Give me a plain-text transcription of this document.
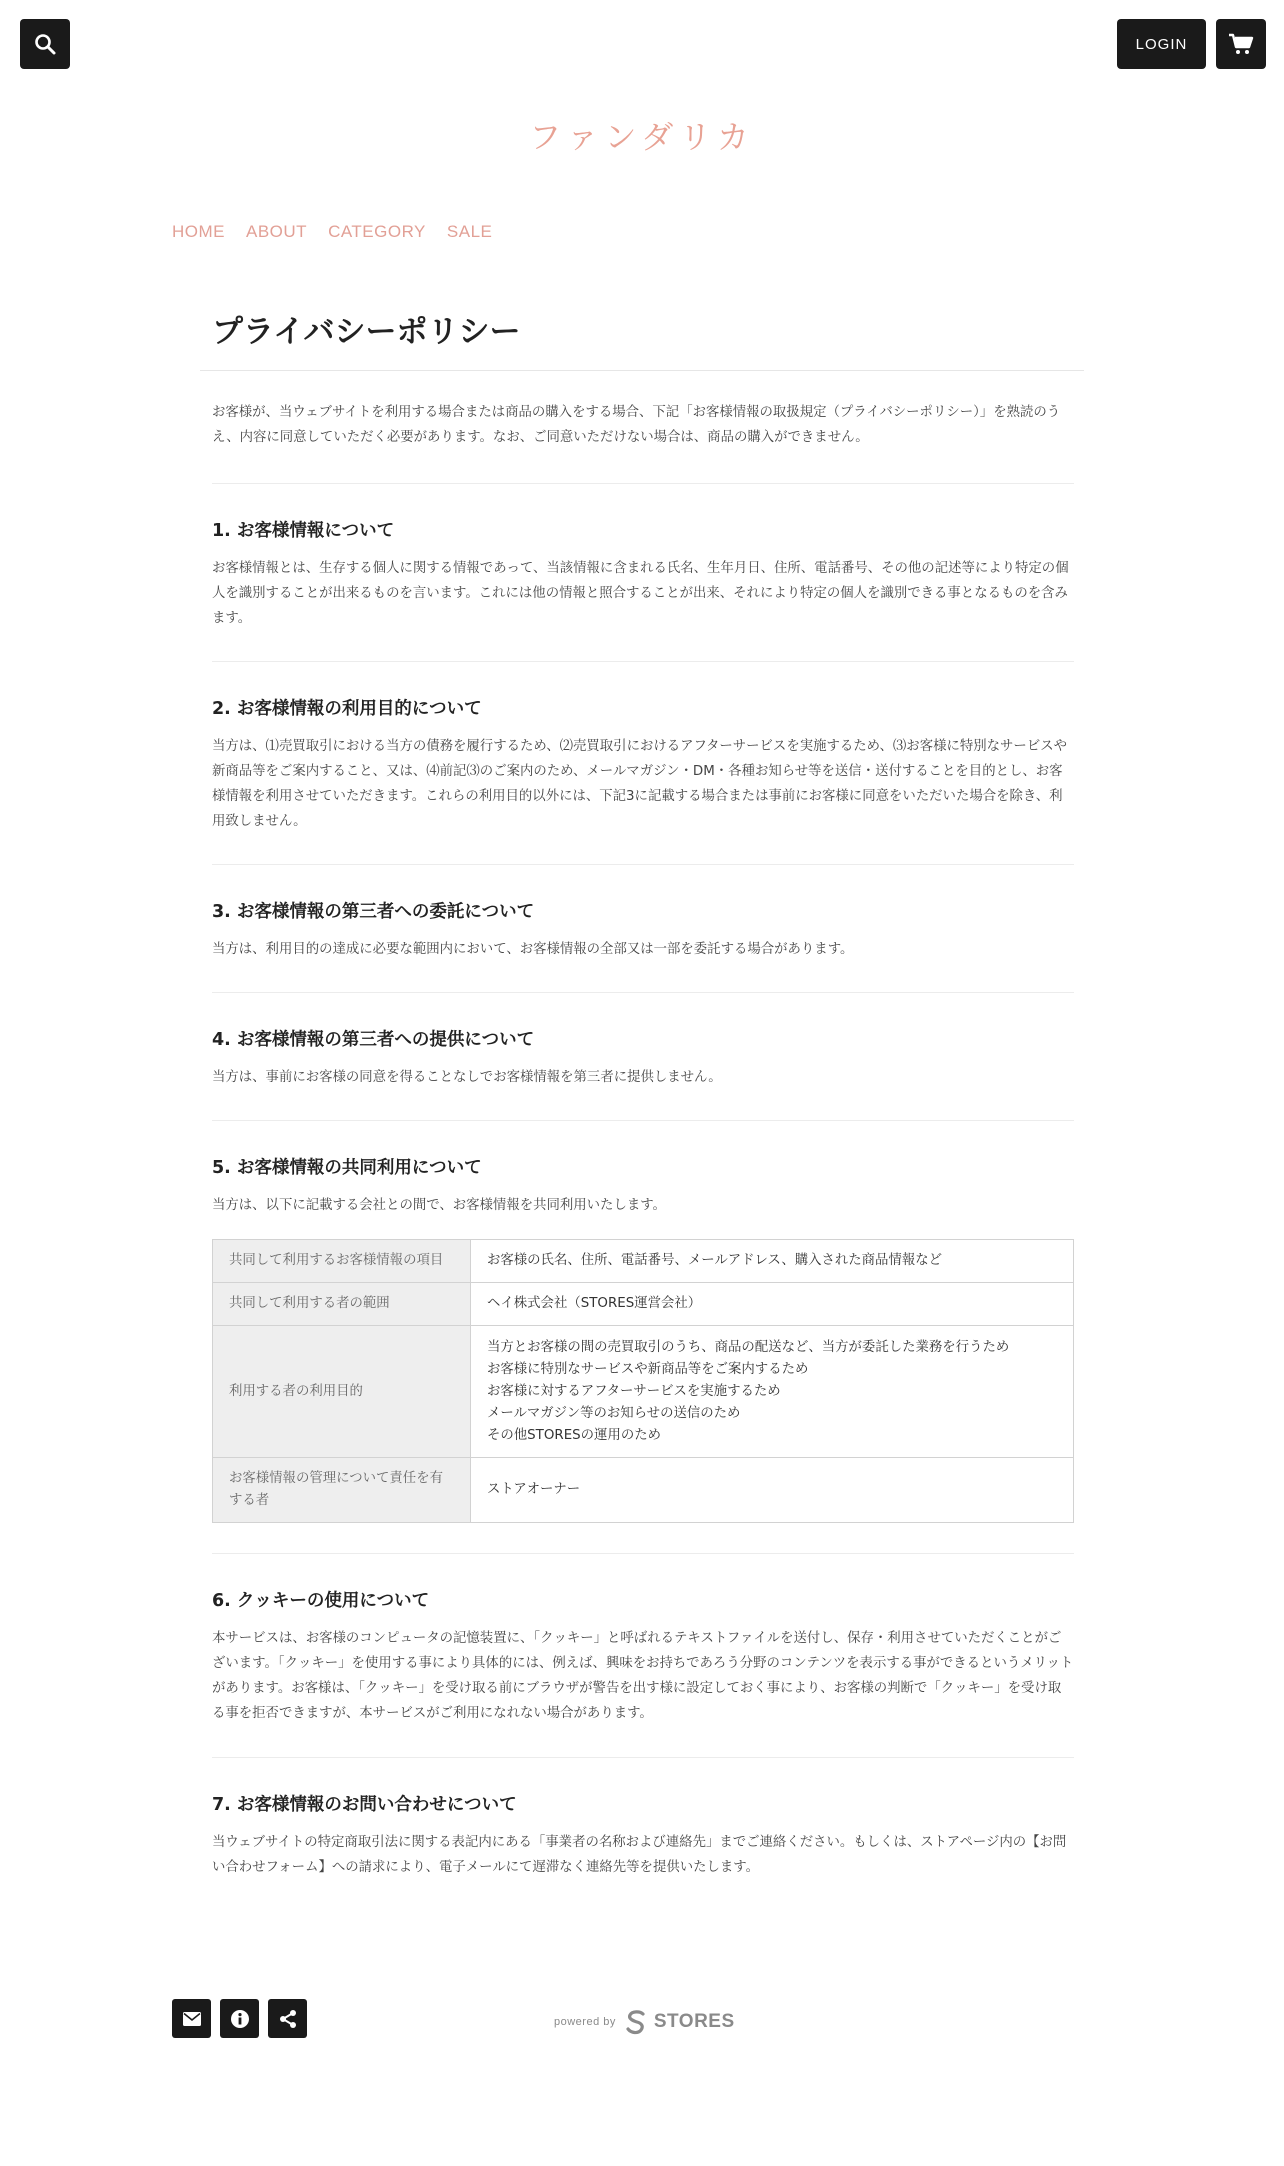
LOGIN
ファンダリカ
HOME ABOUT CATEGORY SALE
プライバシーポリシー

お客様が、当ウェブサイトを利用する場合または商品の購入をする場合、下記「お客様情報の取扱規定（プライバシーポリシー）」を熟読のうえ、内容に同意していただく必要があります。なお、ご同意いただけない場合は、商品の購入ができません。

1. お客様情報について

お客様情報とは、生存する個人に関する情報であって、当該情報に含まれる氏名、生年月日、住所、電話番号、その他の記述等により特定の個人を識別することが出来るものを言います。これには他の情報と照合することが出来、それにより特定の個人を識別できる事となるものを含みます。

2. お客様情報の利用目的について

当方は、⑴売買取引における当方の債務を履行するため、⑵売買取引におけるアフターサービスを実施するため、⑶お客様に特別なサービスや新商品等をご案内すること、又は、⑷前記⑶のご案内のため、メールマガジン・DM・各種お知らせ等を送信・送付することを目的とし、お客様情報を利用させていただきます。これらの利用目的以外には、下記3に記載する場合または事前にお客様に同意をいただいた場合を除き、利用致しません。

3. お客様情報の第三者への委託について

当方は、利用目的の達成に必要な範囲内において、お客様情報の全部又は一部を委託する場合があります。

4. お客様情報の第三者への提供について

当方は、事前にお客様の同意を得ることなしでお客様情報を第三者に提供しません。

5. お客様情報の共同利用について

当方は、以下に記載する会社との間で、お客様情報を共同利用いたします。

共同して利用するお客様情報の項目	お客様の氏名、住所、電話番号、メールアドレス、購入された商品情報など
共同して利用する者の範囲	ヘイ株式会社（STORES運営会社）
利用する者の利用目的	当方とお客様の間の売買取引のうち、商品の配送など、当方が委託した業務を行うため
お客様に特別なサービスや新商品等をご案内するため
お客様に対するアフターサービスを実施するため
メールマガジン等のお知らせの送信のため
その他STORESの運用のため

お客様情報の管理について責任を有する者	ストアオーナー
6. クッキーの使用について

本サービスは、お客様のコンピュータの記憶装置に、「クッキー」と呼ばれるテキストファイルを送付し、保存・利用させていただくことがございます。「クッキー」を使用する事により具体的には、例えば、興味をお持ちであろう分野のコンテンツを表示する事ができるというメリットがあります。お客様は、「クッキー」を受け取る前にブラウザが警告を出す様に設定しておく事により、お客様の判断で「クッキー」を受け取る事を拒否できますが、本サービスがご利用になれない場合があります。

7. お客様情報のお問い合わせについて

当ウェブサイトの特定商取引法に関する表記内にある「事業者の名称および連絡先」までご連絡ください。もしくは、ストアページ内の【お問い合わせフォーム】への請求により、電子メールにて遅滞なく連絡先等を提供いたします。

powered by STORES
